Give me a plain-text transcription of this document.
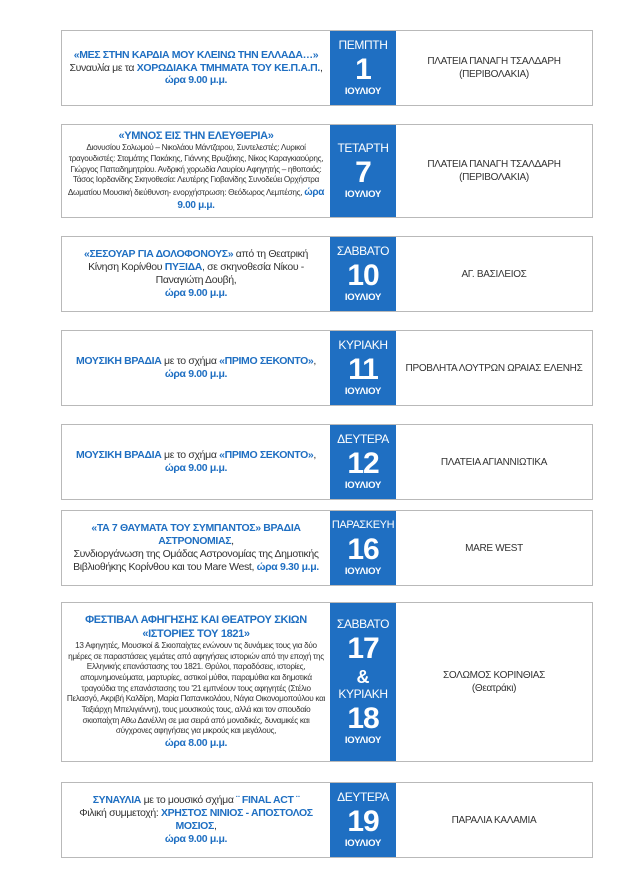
«ΜΕΣ ΣΤΗΝ ΚΑΡΔΙΑ ΜΟΥ ΚΛΕΙΝΩ ΤΗΝ ΕΛΛΑΔΑ…»
Συναυλία με τα ΧΟΡΩΔΙΑΚΑ ΤΜΗΜΑΤΑ ΤΟΥ ΚΕ.Π.Α.Π.,
ώρα 9.00 μ.μ.
ΠΕΜΠΤΗ
1
ΙΟΥΛΙΟΥ
ΠΛΑΤΕΙΑ ΠΑΝΑΓΗ ΤΣΑΛΔΑΡΗ
(ΠΕΡΙΒΟΛΑΚΙΑ)
«ΥΜΝΟΣ ΕΙΣ ΤΗΝ ΕΛΕΥΘΕΡΙΑ»
Διονυσίου Σολωμού – Νικολάου Μάντζαρου, Συντελεστές: Λυρικοί τραγουδιστές: Σταμάτης Πακάκης, Γιάννης Βρυζάκης, Νίκος Καραγκιαούρης, Γιώργος Παπαδημητρίου. Ανδρική χορωδία Λαυρίου Αφηγητής – ηθοποιός: Τάσος Ιορδανίδης Σκηνοθεσία: Λευτέρης Γιοβανίδης Συνοδεύει Ορχήστρα Δωματίου Μουσική διεύθυνση- ενορχήστρωση: Θεόδωρος Λεμπέσης, ώρα 9.00 μ.μ.
ΤΕΤΑΡΤΗ
7
ΙΟΥΛΙΟΥ
ΠΛΑΤΕΙΑ ΠΑΝΑΓΗ ΤΣΑΛΔΑΡΗ
(ΠΕΡΙΒΟΛΑΚΙΑ)
«ΣΕΣΟΥΑΡ ΓΙΑ ΔΟΛΟΦΟΝΟΥΣ» από τη Θεατρική
Κίνηση Κορίνθου ΠΥΞΙΔΑ, σε σκηνοθεσία Νίκου - Παναγιώτη Δουβή,
ώρα 9.00 μ.μ.
ΣΑΒΒΑΤΟ
10
ΙΟΥΛΙΟΥ
ΑΓ. ΒΑΣΙΛΕΙΟΣ
ΜΟΥΣΙΚΗ ΒΡΑΔΙΑ με το σχήμα «ΠΡΙΜΟ ΣΕΚΟΝΤΟ»,
ώρα 9.00 μ.μ.
ΚΥΡΙΑΚΗ
11
ΙΟΥΛΙΟΥ
ΠΡΟΒΛΗΤΑ ΛΟΥΤΡΩΝ ΩΡΑΙΑΣ ΕΛΕΝΗΣ
ΜΟΥΣΙΚΗ ΒΡΑΔΙΑ με το σχήμα «ΠΡΙΜΟ ΣΕΚΟΝΤΟ»,
ώρα 9.00 μ.μ.
ΔΕΥΤΕΡΑ
12
ΙΟΥΛΙΟΥ
ΠΛΑΤΕΙΑ ΑΓΙΑΝΝΙΩΤΙΚΑ
«ΤΑ 7 ΘΑΥΜΑΤΑ ΤΟΥ ΣΥΜΠΑΝΤΟΣ» ΒΡΑΔΙΑ ΑΣΤΡΟΝΟΜΙΑΣ,
Συνδιοργάνωση της Ομάδας Αστρονομίας της Δημοτικής
Βιβλιοθήκης Κορίνθου και του Mare West, ώρα 9.30 μ.μ.
ΠΑΡΑΣΚΕΥΗ
16
ΙΟΥΛΙΟΥ
MARE WEST
ΦΕΣΤΙΒΑΛ ΑΦΗΓΗΣΗΣ ΚΑΙ ΘΕΑΤΡΟΥ ΣΚΙΩΝ «ΙΣΤΟΡΙΕΣ ΤΟΥ 1821»
13 Αφηγητές, Μουσικοί & Σκιοπαίχτες ενώνουν τις δυνάμεις τους για δύο ημέρες σε παραστάσεις γεμάτες από αφηγήσεις ιστοριών από την εποχή της Ελληνικής επανάστασης του 1821. Θρύλοι, παραδόσεις, ιστορίες, απομνημονεύματα, μαρτυρίες, αστικοί μύθοι, παραμύθια και δημοτικά τραγούδια της επανάστασης του '21 εμπνέουν τους αφηγητές (Στέλιο Πελασγό, Ακριβή Καλδίρη, Μαρία Παπανικολάου, Νάγια Οικονομοπούλου και Ταξιάρχη Μπελιγιάννη), τους μουσικούς τους, αλλά και τον σπουδαίο σκιοπαίχτη Αθω Δανέλλη σε μια σειρά από μοναδικές, δυναμικές και σύγχρονες αφηγήσεις για μικρούς και μεγάλους,
ώρα 8.00 μ.μ.
ΣΑΒΒΑΤΟ
17
&
ΚΥΡΙΑΚΗ
18
ΙΟΥΛΙΟΥ
ΣΟΛΩΜΟΣ ΚΟΡΙΝΘΙΑΣ
(Θεατράκι)
ΣΥΝΑΥΛΙΑ με το μουσικό σχήμα ¨ FINAL ACT ¨
Φιλική συμμετοχή: ΧΡΗΣΤΟΣ ΝΙΝΙΟΣ - ΑΠΟΣΤΟΛΟΣ ΜΟΣΙΟΣ,
ώρα 9.00 μ.μ.
ΔΕΥΤΕΡΑ
19
ΙΟΥΛΙΟΥ
ΠΑΡΑΛΙΑ ΚΑΛΑΜΙΑ
